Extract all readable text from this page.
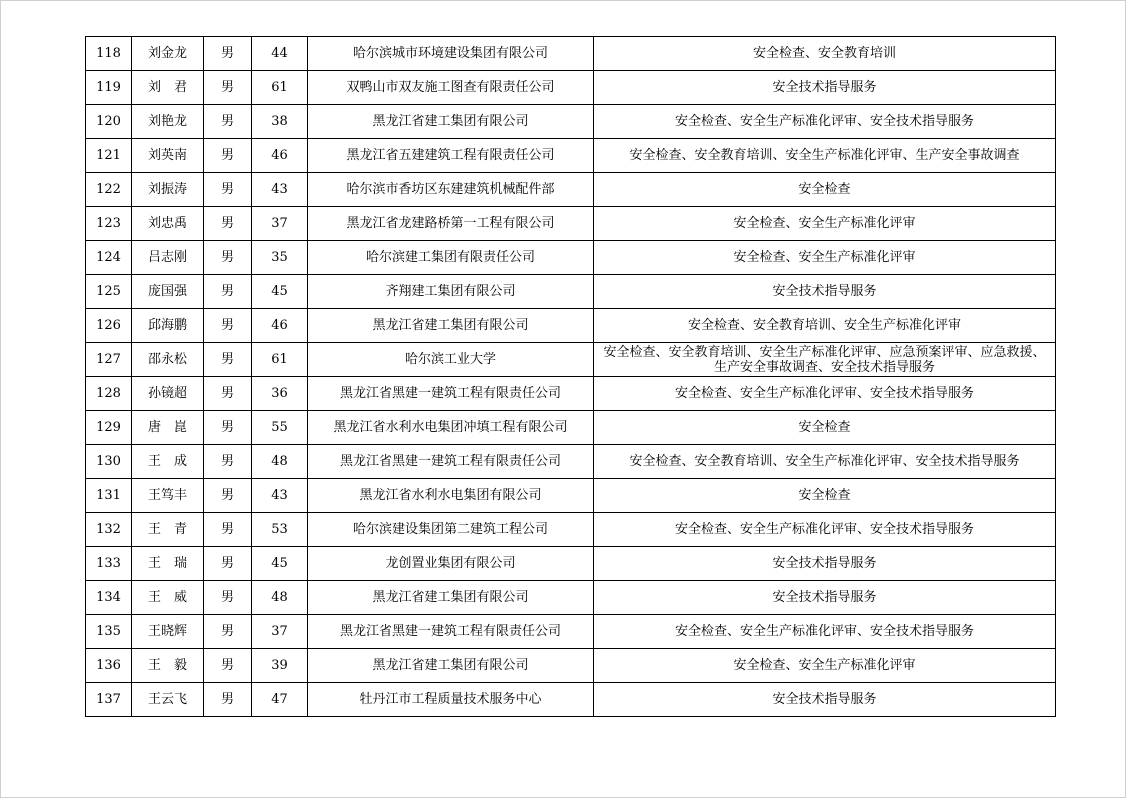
118	刘金龙	男	44	哈尔滨城市环境建设集团有限公司	安全检查、安全教育培训
119	刘　君	男	61	双鸭山市双友施工图查有限责任公司	安全技术指导服务
120	刘艳龙	男	38	黑龙江省建工集团有限公司	安全检查、安全生产标准化评审、安全技术指导服务
121	刘英南	男	46	黑龙江省五建建筑工程有限责任公司	安全检查、安全教育培训、安全生产标准化评审、生产安全事故调查
122	刘振涛	男	43	哈尔滨市香坊区东建建筑机械配件部	安全检查
123	刘忠禹	男	37	黑龙江省龙建路桥第一工程有限公司	安全检查、安全生产标准化评审
124	吕志刚	男	35	哈尔滨建工集团有限责任公司	安全检查、安全生产标准化评审
125	庞国强	男	45	齐翔建工集团有限公司	安全技术指导服务
126	邱海鹏	男	46	黑龙江省建工集团有限公司	安全检查、安全教育培训、安全生产标准化评审
127	邵永松	男	61	哈尔滨工业大学	安全检查、安全教育培训、安全生产标准化评审、应急预案评审、应急救援、生产安全事故调查、安全技术指导服务
128	孙镜超	男	36	黑龙江省黑建一建筑工程有限责任公司	安全检查、安全生产标准化评审、安全技术指导服务
129	唐　崑	男	55	黑龙江省水利水电集团冲填工程有限公司	安全检查
130	王　成	男	48	黑龙江省黑建一建筑工程有限责任公司	安全检查、安全教育培训、安全生产标准化评审、安全技术指导服务
131	王笃丰	男	43	黑龙江省水利水电集团有限公司	安全检查
132	王　青	男	53	哈尔滨建设集团第二建筑工程公司	安全检查、安全生产标准化评审、安全技术指导服务
133	王　瑞	男	45	龙创置业集团有限公司	安全技术指导服务
134	王　威	男	48	黑龙江省建工集团有限公司	安全技术指导服务
135	王晓辉	男	37	黑龙江省黑建一建筑工程有限责任公司	安全检查、安全生产标准化评审、安全技术指导服务
136	王　毅	男	39	黑龙江省建工集团有限公司	安全检查、安全生产标准化评审
137	王云飞	男	47	牡丹江市工程质量技术服务中心	安全技术指导服务
